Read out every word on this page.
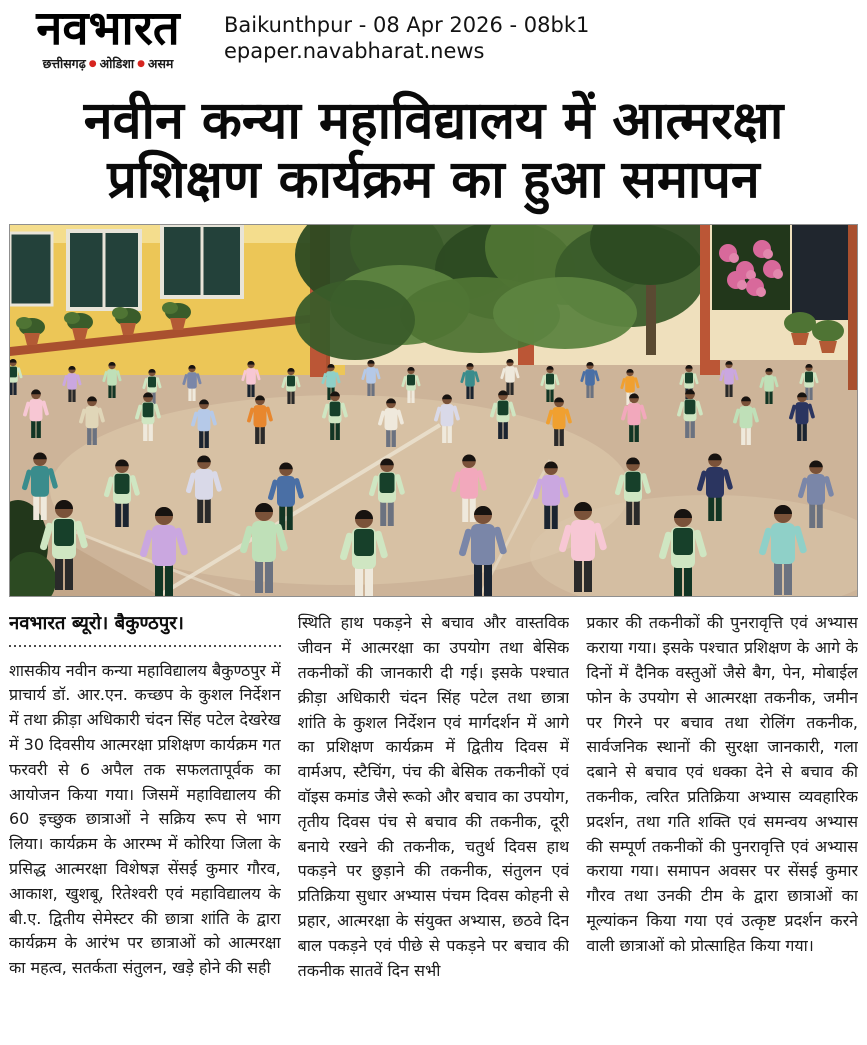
नवभारत
छत्तीसगढ़ ● ओडिशा ● असम
Baikunthpur - 08 Apr 2026 - 08bk1
epaper.navabharat.news
नवीन कन्या महाविद्यालय में आत्मरक्षा
प्रशिक्षण कार्यक्रम का हुआ समापन
नवभारत ब्यूरो। बैकुण्ठपुर।

शासकीय नवीन कन्या महाविद्यालय बैकुण्ठपुर में प्राचार्य डॉ. आर.एन. कच्छप के कुशल निर्देशन में तथा क्रीड़ा अधिकारी चंदन सिंह पटेल देखरेख में 30 दिवसीय आत्मरक्षा प्रशिक्षण कार्यक्रम गत फरवरी से 6 अपैल तक सफलतापूर्वक का आयोजन किया गया। जिसमें महाविद्यालय की 60 इच्छुक छात्राओं ने सक्रिय रूप से भाग लिया। कार्यक्रम के आरम्भ में कोरिया जिला के प्रसिद्ध आत्मरक्षा विशेषज्ञ सेंसई कुमार गौरव, आकाश, खुशबू, रितेश्वरी एवं महाविद्यालय के बी.ए. द्वितीय सेमेस्टर की छात्रा शांति के द्वारा कार्यक्रम के आरंभ पर छात्राओं को आत्मरक्षा का महत्व, सतर्कता संतुलन, खड़े होने की सही

स्थिति हाथ पकड़ने से बचाव और वास्तविक जीवन में आत्मरक्षा का उपयोग तथा बेसिक तकनीकों की जानकारी दी गई। इसके पश्चात क्रीड़ा अधिकारी चंदन सिंह पटेल तथा छात्रा शांति के कुशल निर्देशन एवं मार्गदर्शन में आगे का प्रशिक्षण कार्यक्रम में द्वितीय दिवस में वार्मअप, स्टैचिंग, पंच की बेसिक तकनीकों एवं वॉइस कमांड जैसे रूको और बचाव का उपयोग, तृतीय दिवस पंच से बचाव की तकनीक, दूरी बनाये रखने की तकनीक, चतुर्थ दिवस हाथ पकड़ने पर छुड़ाने की तकनीक, संतुलन एवं प्रतिक्रिया सुधार अभ्यास पंचम दिवस कोहनी से प्रहार, आत्मरक्षा के संयुक्त अभ्यास, छठवे दिन बाल पकड़ने एवं पीछे से पकड़ने पर बचाव की तकनीक सातवें दिन सभी

प्रकार की तकनीकों की पुनरावृत्ति एवं अभ्यास कराया गया। इसके पश्चात प्रशिक्षण के आगे के दिनों में दैनिक वस्तुओं जैसे बैग, पेन, मोबाईल फोन के उपयोग से आत्मरक्षा तकनीक, जमीन पर गिरने पर बचाव तथा रोलिंग तकनीक, सार्वजनिक स्थानों की सुरक्षा जानकारी, गला दबाने से बचाव एवं धक्का देने से बचाव की तकनीक, त्वरित प्रतिक्रिया अभ्यास व्यवहारिक प्रदर्शन, तथा गति शक्ति एवं समन्वय अभ्यास की सम्पूर्ण तकनीकों की पुनरावृत्ति एवं अभ्यास कराया गया। समापन अवसर पर सेंसई कुमार गौरव तथा उनकी टीम के द्वारा छात्राओं का मूल्यांकन किया गया एवं उत्कृष्ट प्रदर्शन करने वाली छात्राओं को प्रोत्साहित किया गया।
